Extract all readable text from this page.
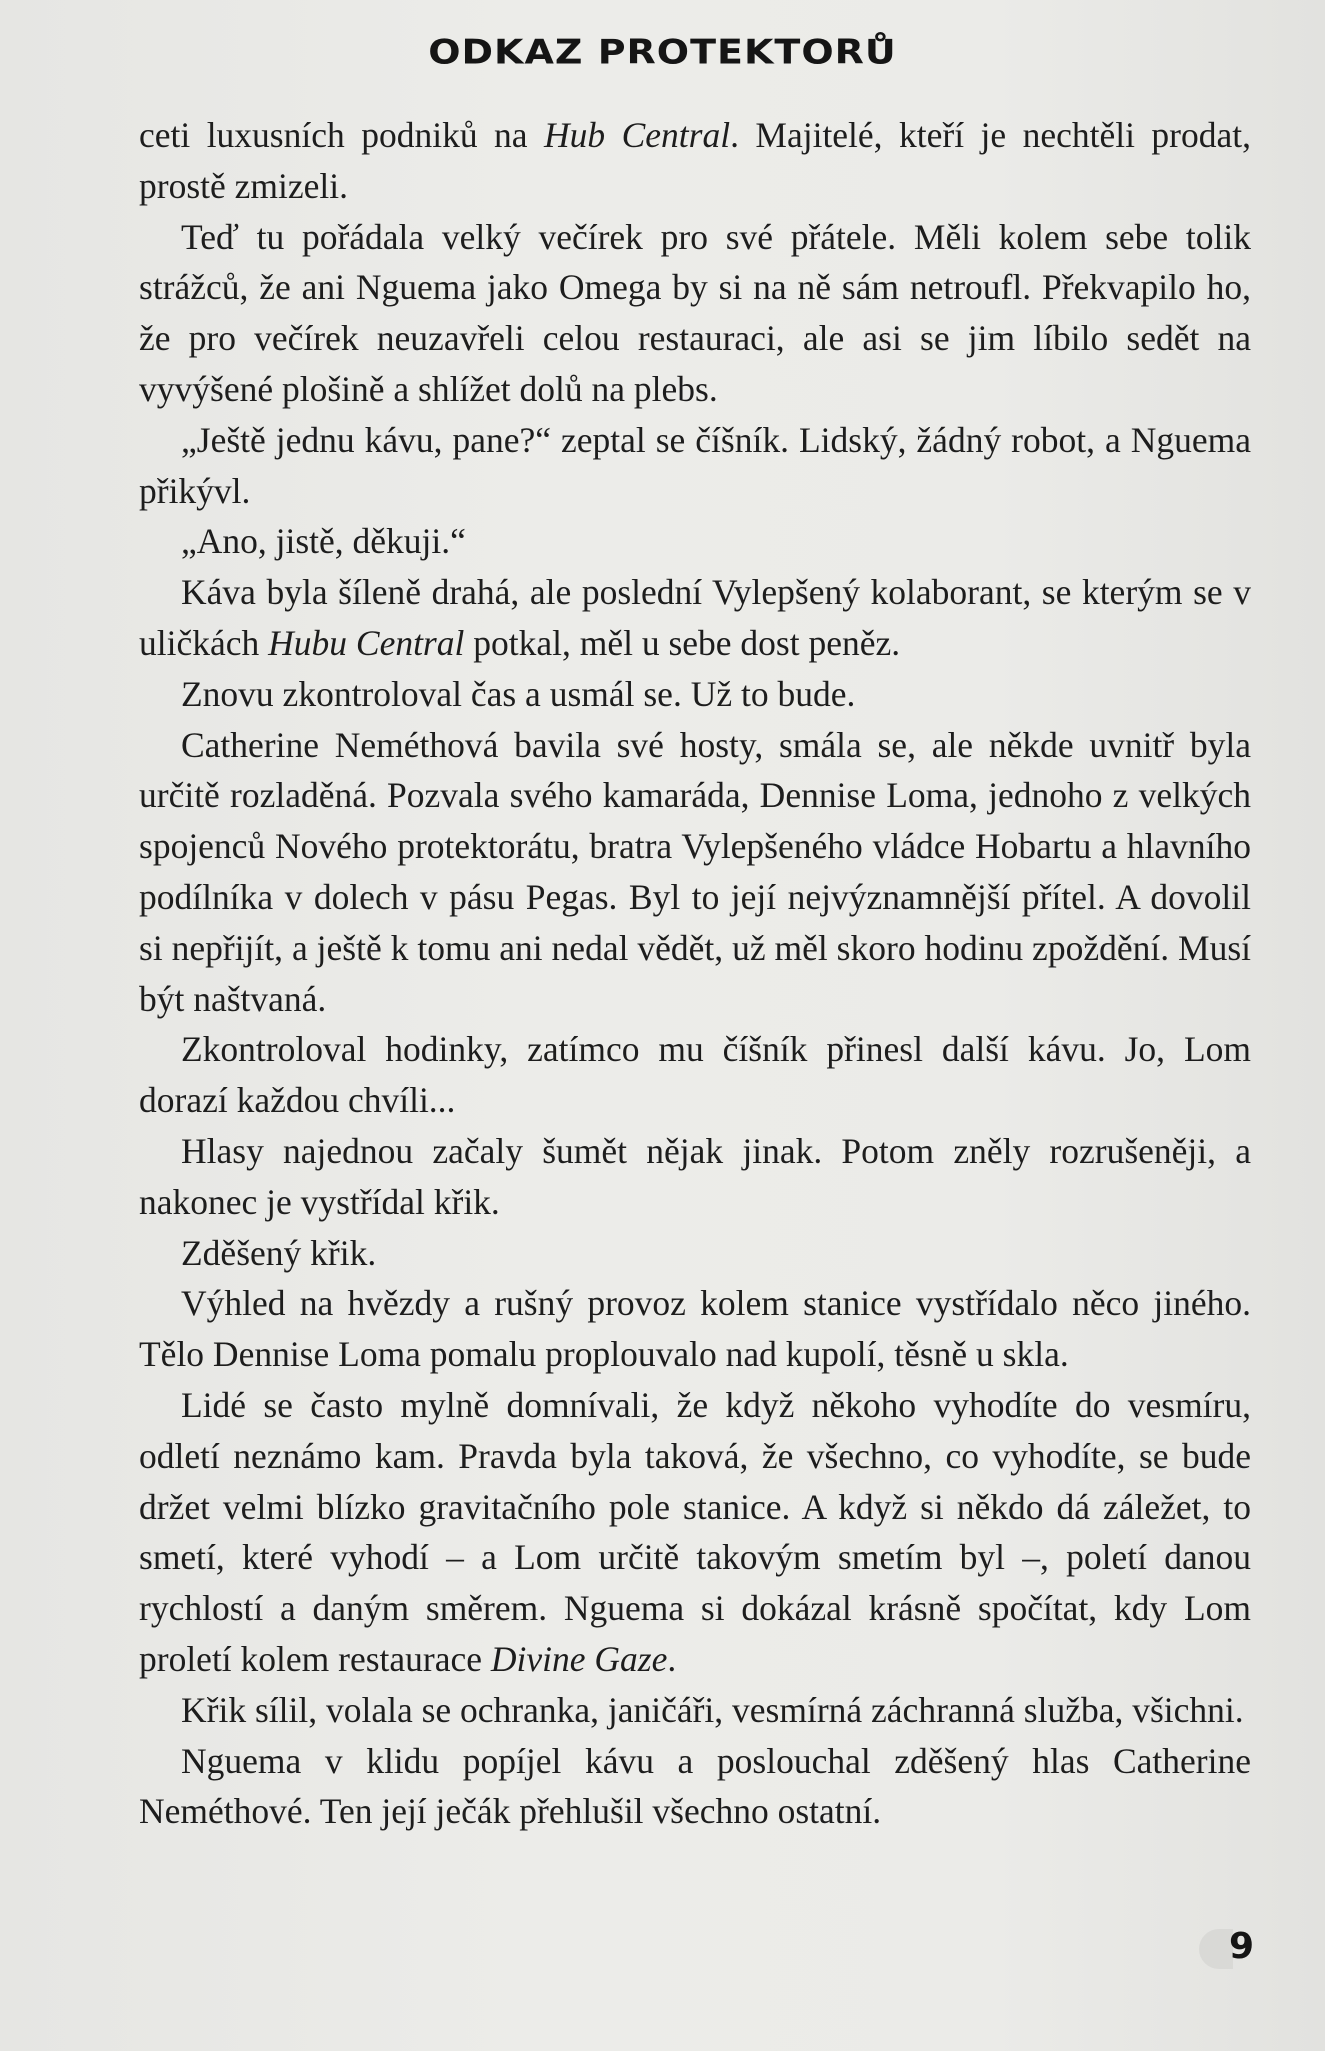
ODKAZ PROTEKTORŮ

ceti luxusních podniků na Hub Central. Majitelé, kteří je nechtěli prodat, prostě zmizeli.

Teď tu pořádala velký večírek pro své přátele. Měli kolem sebe tolik strážců, že ani Nguema jako Omega by si na ně sám netroufl. Překvapilo ho, že pro večírek neuzavřeli celou restauraci, ale asi se jim líbilo sedět na vyvýšené plošině a shlížet dolů na plebs.

„Ještě jednu kávu, pane?“ zeptal se číšník. Lidský, žádný robot, a Nguema přikývl.

„Ano, jistě, děkuji.“

Káva byla šíleně drahá, ale poslední Vylepšený kolaborant, se kterým se v uličkách Hubu Central potkal, měl u sebe dost peněz.

Znovu zkontroloval čas a usmál se. Už to bude.

Catherine Neméthová bavila své hosty, smála se, ale někde uvnitř byla určitě rozladěná. Pozvala svého kamaráda, Dennise Loma, jednoho z velkých spojenců Nového protektorátu, bratra Vylepšeného vládce Hobartu a hlavního podílníka v dolech v pásu Pegas. Byl to její nejvýznamnější přítel. A dovolil si nepřijít, a ještě k tomu ani nedal vědět, už měl skoro hodinu zpoždění. Musí být naštvaná.

Zkontroloval hodinky, zatímco mu číšník přinesl další kávu. Jo, Lom dorazí každou chvíli...

Hlasy najednou začaly šumět nějak jinak. Potom zněly rozrušeněji, a nakonec je vystřídal křik.

Zděšený křik.

Výhled na hvězdy a rušný provoz kolem stanice vystřídalo něco jiného. Tělo Dennise Loma pomalu proplouvalo nad kupolí, těsně u skla.

Lidé se často mylně domnívali, že když někoho vyhodíte do vesmíru, odletí neznámo kam. Pravda byla taková, že všechno, co vyhodíte, se bude držet velmi blízko gravitačního pole stanice. A když si někdo dá záležet, to smetí, které vyhodí – a Lom určitě takovým smetím byl –, poletí danou rychlostí a daným směrem. Nguema si dokázal krásně spočítat, kdy Lom proletí kolem restaurace Divine Gaze.

Křik sílil, volala se ochranka, janičáři, vesmírná záchranná služba, všichni.

Nguema v klidu popíjel kávu a poslouchal zděšený hlas Catherine Neméthové. Ten její ječák přehlušil všechno ostatní.

9
